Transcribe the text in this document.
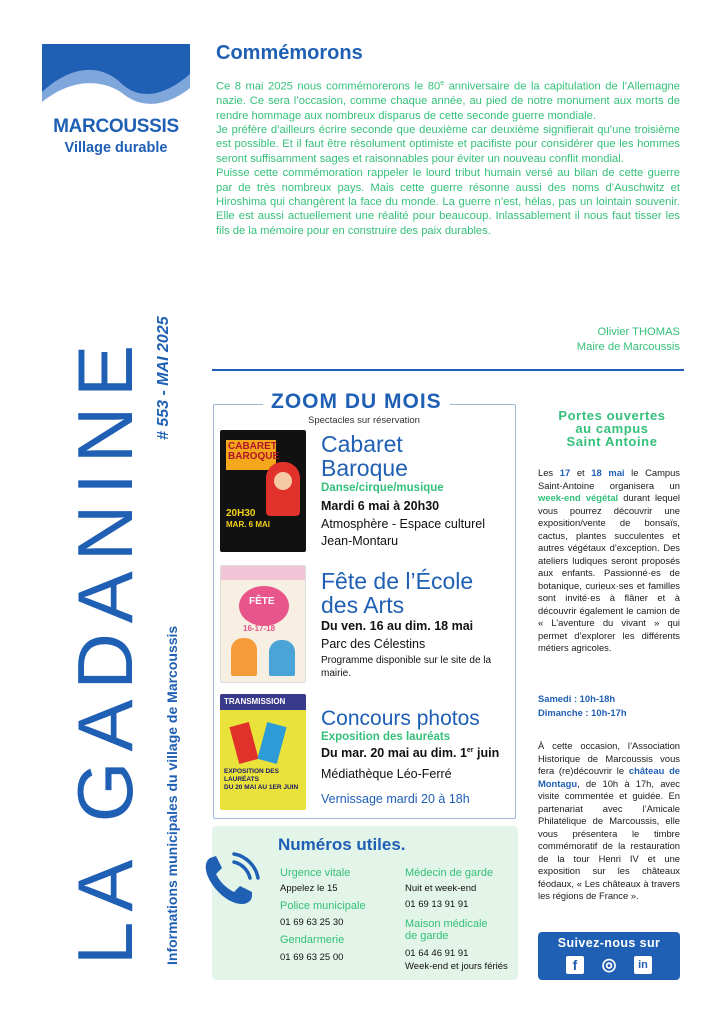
MARCOUSSIS
Village durable
LA GADANINE # 553 - MAI 2025
Informations municipales du village de Marcoussis
Commémorons

Ce 8 mai 2025 nous commémorerons le 80e anniversaire de la capitulation de l’Allemagne nazie. Ce sera l’occasion, comme chaque année, au pied de notre monument aux morts de rendre hommage aux nombreux disparus de cette seconde guerre mondiale.

Je préfère d’ailleurs écrire seconde que deuxième car deuxième signifierait qu’une troisième est possible. Et il faut être résolument optimiste et pacifiste pour considérer que les hommes seront suffisamment sages et raisonnables pour éviter un nouveau conflit mondial.

Puisse cette commémoration rappeler le lourd tribut humain versé au bilan de cette guerre par de très nombreux pays. Mais cette guerre résonne aussi des noms d’Auschwitz et Hiroshima qui changèrent la face du monde. La guerre n’est, hélas, pas un lointain souvenir. Elle est aussi actuellement une réalité pour beaucoup. Inlassablement il nous faut tisser les fils de la mémoire pour en construire des paix durables.

Olivier THOMAS
Maire de Marcoussis
ZOOM DU MOIS
Spectacles sur réservation
CABARET
BAROQUE
20H30
MAR. 6 MAI
Cabaret
Baroque
Danse/cirque/musique
Mardi 6 mai à 20h30
Atmosphère - Espace culturel
Jean-Montaru
FÊTE
16-17-18
Fête de l’École
des Arts
Du ven. 16 au dim. 18 mai
Parc des Célestins
Programme disponible sur le site de la mairie.
TRANSMISSION
EXPOSITION DES LAURÉATS
DU 20 MAI AU 1ER JUIN
Concours photos
Exposition des lauréats
Du mar. 20 mai au dim. 1er juin
Médiathèque Léo-Ferré
Vernissage mardi 20 à 18h
Numéros utiles.
Urgence vitale
Appelez le 15
Police municipale
01 69 63 25 30
Gendarmerie
01 69 63 25 00
Médecin de garde
Nuit et week-end
01 69 13 91 91
Maison médicale
de garde
01 64 46 91 91
Week-end et jours fériés
Portes ouvertes
au campus
Saint Antoine
Les 17 et 18 mai le Campus Saint-Antoine organisera un week-end végétal durant lequel vous pourrez découvrir une exposition/vente de bonsaïs, cactus, plantes succulentes et autres végétaux d’exception. Des ateliers ludiques seront proposés aux enfants. Passionné·es de botanique, curieux·ses et familles sont invité·es à flâner et à découvrir également le camion de « L’aventure du vivant » qui permet d’explorer les différents métiers agricoles.
Samedi : 10h-18h
Dimanche : 10h-17h
À cette occasion, l’Association Historique de Marcoussis vous fera (re)découvrir le château de Montagu, de 10h à 17h, avec visite commentée et guidée. En partenariat avec l’Amicale Philatélique de Marcoussis, elle vous présentera le timbre commémoratif de la restauration de la tour Henri IV et une exposition sur les châteaux féodaux, « Les châteaux à travers les régions de France ».
Suivez-nous sur
f	◎	in
